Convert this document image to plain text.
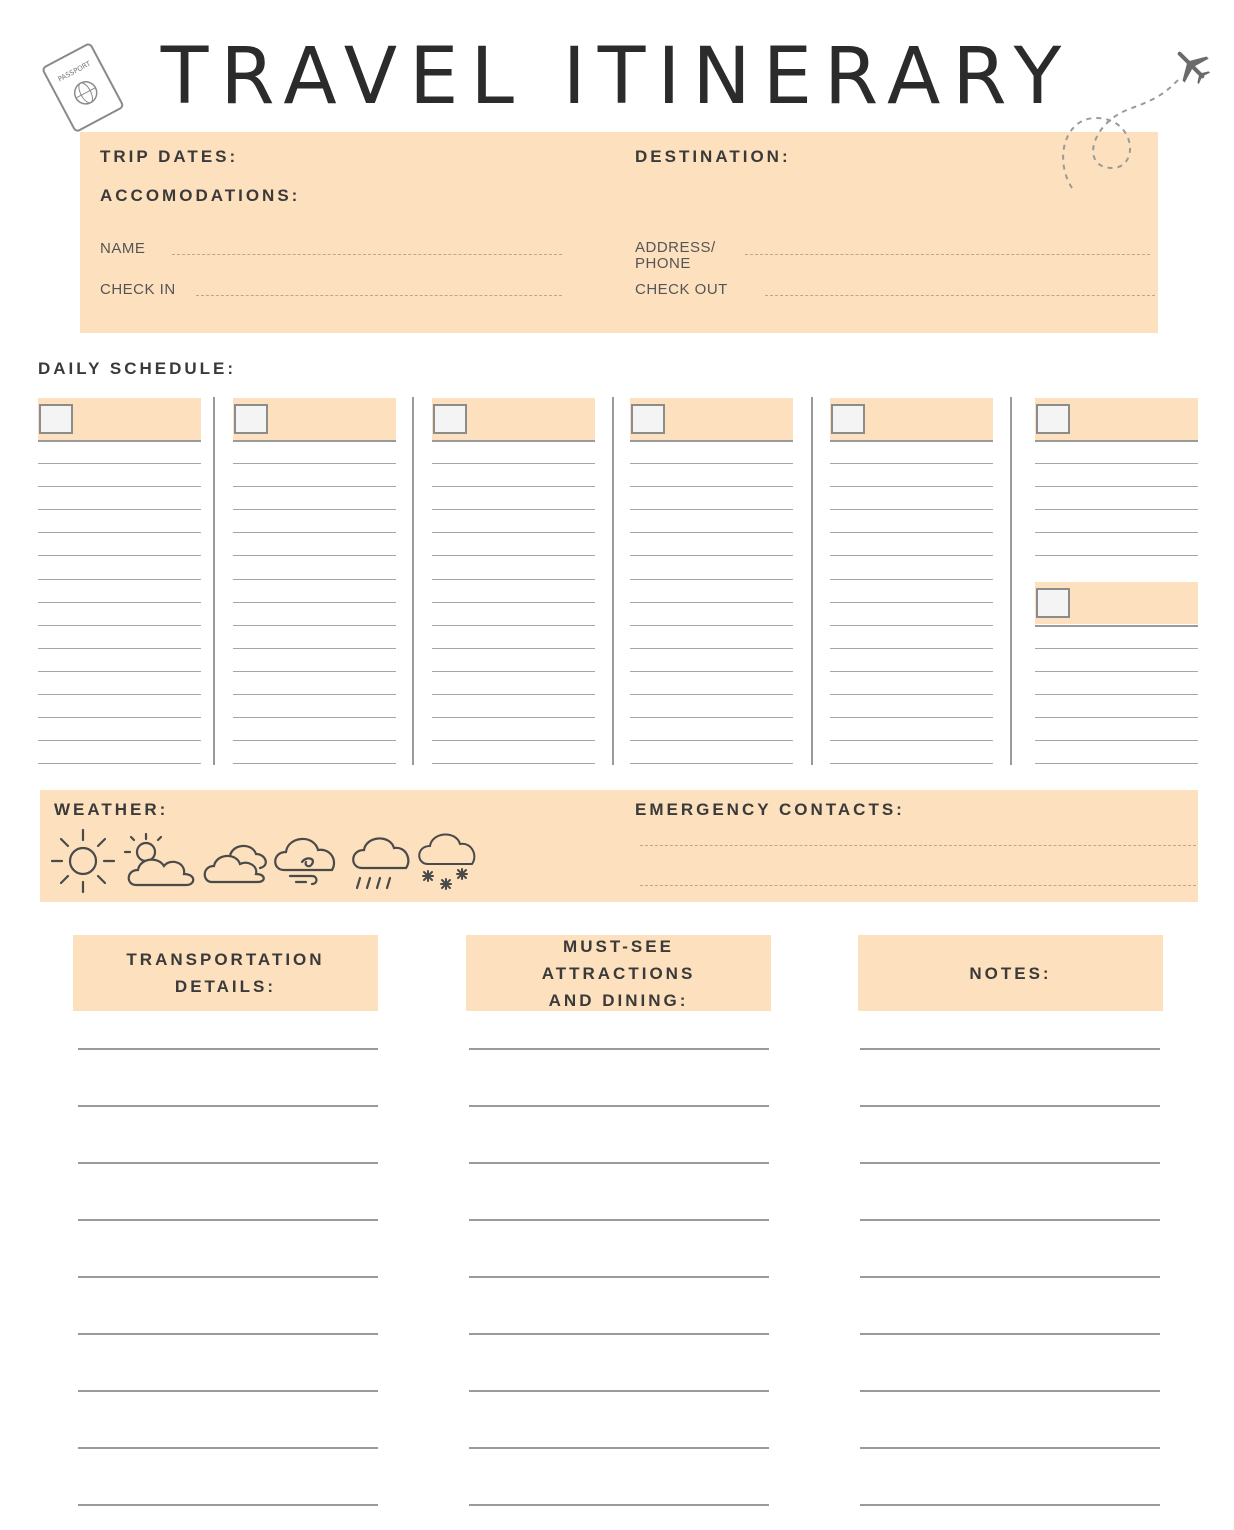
PASSPORT TRAVEL ITINERARY
TRIP DATES:	DESTINATION:
ACCOMODATIONS:
NAME	ADDRESS/
PHONE
CHECK IN	CHECK OUT
DAILY SCHEDULE:
WEATHER:	EMERGENCY CONTACTS:
TRANSPORTATION
DETAILS:
MUST-SEE
ATTRACTIONS
AND DINING:
NOTES:
